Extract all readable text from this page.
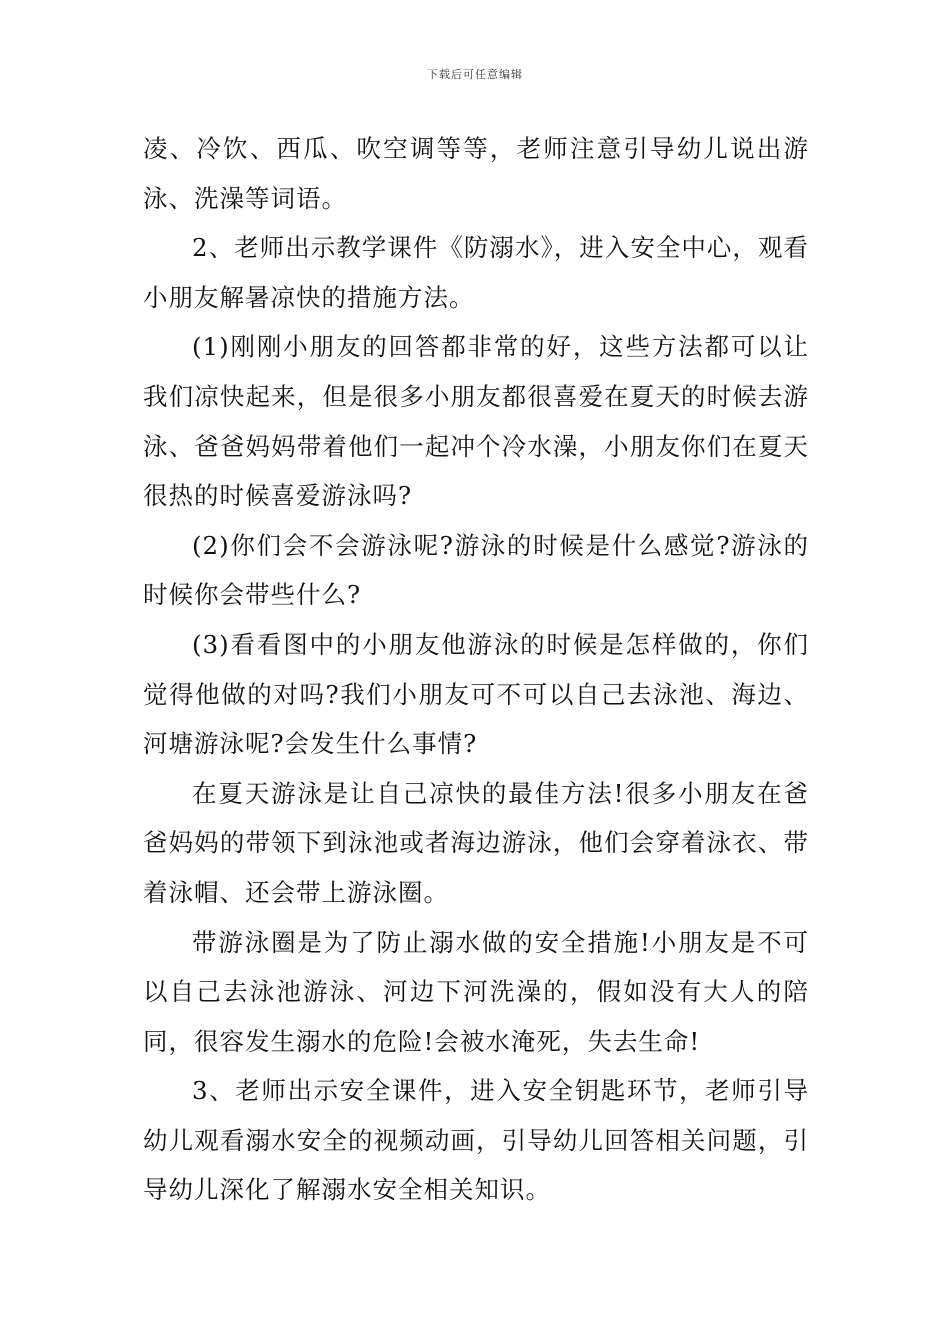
下载后可任意编辑

凌、冷饮、西瓜、吹空调等等，老师注意引导幼儿说出游泳、洗澡等词语。

2、老师出示教学课件《防溺水》，进入安全中心，观看小朋友解暑凉快的措施方法。

(1)刚刚小朋友的回答都非常的好，这些方法都可以让我们凉快起来，但是很多小朋友都很喜爱在夏天的时候去游泳、爸爸妈妈带着他们一起冲个冷水澡，小朋友你们在夏天很热的时候喜爱游泳吗?

(2)你们会不会游泳呢?游泳的时候是什么感觉?游泳的时候你会带些什么?

(3)看看图中的小朋友他游泳的时候是怎样做的，你们觉得他做的对吗?我们小朋友可不可以自己去泳池、海边、河塘游泳呢?会发生什么事情?

在夏天游泳是让自己凉快的最佳方法!很多小朋友在爸爸妈妈的带领下到泳池或者海边游泳，他们会穿着泳衣、带着泳帽、还会带上游泳圈。

带游泳圈是为了防止溺水做的安全措施!小朋友是不可以自己去泳池游泳、河边下河洗澡的，假如没有大人的陪同，很容发生溺水的危险!会被水淹死，失去生命!

3、老师出示安全课件，进入安全钥匙环节，老师引导幼儿观看溺水安全的视频动画，引导幼儿回答相关问题，引导幼儿深化了解溺水安全相关知识。
